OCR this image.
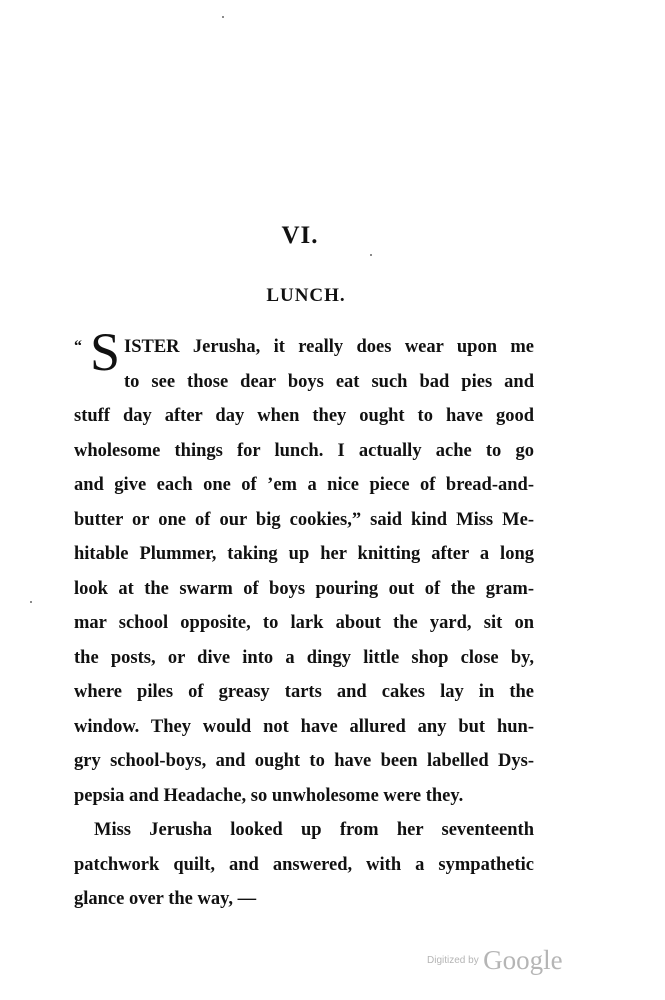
VI.
LUNCH.
“ S ISTER Jerusha, it really does wear upon me
to see those dear boys eat such bad pies and
stuff day after day when they ought to have good
wholesome things for lunch. I actually ache to go
and give each one of ’em a nice piece of bread-and-
butter or one of our big cookies,” said kind Miss Me-
hitable Plummer, taking up her knitting after a long
look at the swarm of boys pouring out of the gram-
mar school opposite, to lark about the yard, sit on
the posts, or dive into a dingy little shop close by,
where piles of greasy tarts and cakes lay in the
window. They would not have allured any but hun-
gry school-boys, and ought to have been labelled Dys-
pepsia and Headache, so unwholesome were they.
Miss Jerusha looked up from her seventeenth
patchwork quilt, and answered, with a sympathetic
glance over the way, —
Digitized by Google
